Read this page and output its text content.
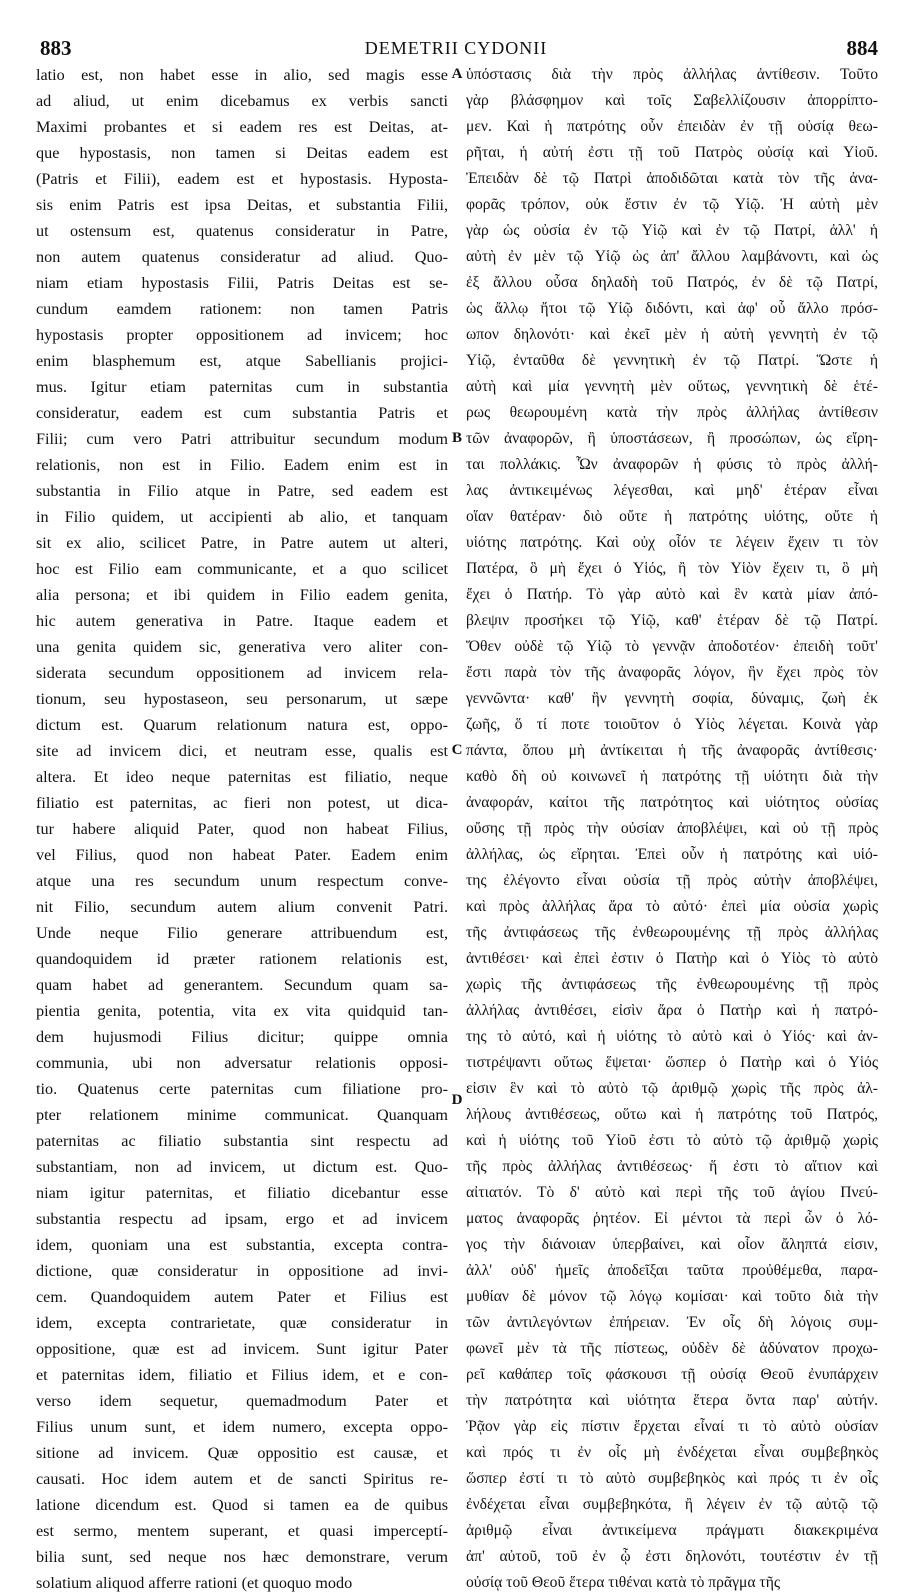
883	DEMETRII CYDONII	884
latio est, non habet esse in alio, sed magis esse
ad aliud, ut enim dicebamus ex verbis sancti
Maximi probantes et si eadem res est Deitas, at-
que hypostasis, non tamen si Deitas eadem est
(Patris et Filii), eadem est et hypostasis. Hyposta-
sis enim Patris est ipsa Deitas, et substantia Filii,
ut ostensum est, quatenus consideratur in Patre,
non autem quatenus consideratur ad aliud. Quo-
niam etiam hypostasis Filii, Patris Deitas est se-
cundum eamdem rationem: non tamen Patris
hypostasis propter oppositionem ad invicem; hoc
enim blasphemum est, atque Sabellianis projici-
mus. Igitur etiam paternitas cum in substantia
consideratur, eadem est cum substantia Patris et
Filii; cum vero Patri attribuitur secundum modum
relationis, non est in Filio. Eadem enim est in
substantia in Filio atque in Patre, sed eadem est
in Filio quidem, ut accipienti ab alio, et tanquam
sit ex alio, scilicet Patre, in Patre autem ut alteri,
hoc est Filio eam communicante, et a quo scilicet
alia persona; et ibi quidem in Filio eadem genita,
hic autem generativa in Patre. Itaque eadem et
una genita quidem sic, generativa vero aliter con-
siderata secundum oppositionem ad invicem rela-
tionum, seu hypostaseon, seu personarum, ut sæpe
dictum est. Quarum relationum natura est, oppo-
site ad invicem dici, et neutram esse, qualis est
altera. Et ideo neque paternitas est filiatio, neque
filiatio est paternitas, ac fieri non potest, ut dica-
tur habere aliquid Pater, quod non habeat Filius,
vel Filius, quod non habeat Pater. Eadem enim
atque una res secundum unum respectum conve-
nit Filio, secundum autem alium convenit Patri.
Unde neque Filio generare attribuendum est,
quandoquidem id præter rationem relationis est,
quam habet ad generantem. Secundum quam sa-
pientia genita, potentia, vita ex vita quidquid tan-
dem hujusmodi Filius dicitur; quippe omnia
communia, ubi non adversatur relationis opposi-
tio. Quatenus certe paternitas cum filiatione pro-
pter relationem minime communicat. Quanquam
paternitas ac filiatio substantia sint respectu ad
substantiam, non ad invicem, ut dictum est. Quo-
niam igitur paternitas, et filiatio dicebantur esse
substantia respectu ad ipsam, ergo et ad invicem
idem, quoniam una est substantia, excepta contra-
dictione, quæ consideratur in oppositione ad invi-
cem. Quandoquidem autem Pater et Filius est
idem, excepta contrarietate, quæ consideratur in
oppositione, quæ est ad invicem. Sunt igitur Pater
et paternitas idem, filiatio et Filius idem, et e con-
verso idem sequetur, quemadmodum Pater et
Filius unum sunt, et idem numero, excepta oppo-
sitione ad invicem. Quæ oppositio est causæ, et
causati. Hoc idem autem et de sancti Spiritus re-
latione dicendum est. Quod si tamen ea de quibus
est sermo, mentem superant, et quasi imperceptí-
bilia sunt, sed neque nos hæc demonstrare, verum
solatium aliquod afferre rationi (et quoquo modo
ὑπόστασις διὰ τὴν πρὸς ἀλλήλας ἀντίθεσιν. Τοῦτο
γὰρ βλάσφημον καὶ τοῖς Σαβελλίζουσιν ἀπορρίπτο-
μεν. Καὶ ἡ πατρότης οὖν ἐπειδὰν ἐν τῇ οὐσίᾳ θεω-
ρῆται, ἡ αὐτή ἐστι τῇ τοῦ Πατρὸς οὐσίᾳ καὶ Υἱοῦ.
Ἐπειδὰν δὲ τῷ Πατρὶ ἀποδιδῶται κατὰ τὸν τῆς ἀνα-
φορᾶς τρόπον, οὐκ ἔστιν ἐν τῷ Υἱῷ. Ἡ αὐτὴ μὲν
γὰρ ὡς οὐσία ἐν τῷ Υἱῷ καὶ ἐν τῷ Πατρί, ἀλλ' ἡ
αὐτὴ ἐν μὲν τῷ Υἱῷ ὡς ἀπ' ἄλλου λαμβάνοντι, καὶ ὡς
ἐξ ἄλλου οὖσα δηλαδὴ τοῦ Πατρός, ἐν δὲ τῷ Πατρί,
ὡς ἄλλῳ ἤτοι τῷ Υἱῷ διδόντι, καὶ ἀφ' οὗ ἄλλο πρόσ-
ωπον δηλονότι· καὶ ἐκεῖ μὲν ἡ αὐτὴ γεννητὴ ἐν τῷ
Υἱῷ, ἐνταῦθα δὲ γεννητικὴ ἐν τῷ Πατρί. Ὥστε ἡ
αὐτὴ καὶ μία γεννητὴ μὲν οὕτως, γεννητικὴ δὲ ἑτέ-
ρως θεωρουμένη κατὰ τὴν πρὸς ἀλλήλας ἀντίθεσιν
τῶν ἀναφορῶν, ἢ ὑποστάσεων, ἢ προσώπων, ὡς εἴρη-
ται πολλάκις. Ὧν ἀναφορῶν ἡ φύσις τὸ πρὸς ἀλλή-
λας ἀντικειμένως λέγεσθαι, καὶ μηδ' ἑτέραν εἶναι
οἵαν θατέραν· διὸ οὔτε ἡ πατρότης υἱότης, οὔτε ἡ
υἱότης πατρότης. Καὶ οὐχ οἷόν τε λέγειν ἔχειν τι τὸν
Πατέρα, ὃ μὴ ἔχει ὁ Υἱός, ἢ τὸν Υἱὸν ἔχειν τι, ὃ μὴ
ἔχει ὁ Πατήρ. Τὸ γὰρ αὐτὸ καὶ ἓν κατὰ μίαν ἀπό-
βλεψιν προσήκει τῷ Υἱῷ, καθ' ἑτέραν δὲ τῷ Πατρί.
Ὅθεν οὐδὲ τῷ Υἱῷ τὸ γεννᾷν ἀποδοτέον· ἐπειδὴ τοῦτ'
ἔστι παρὰ τὸν τῆς ἀναφορᾶς λόγον, ἣν ἔχει πρὸς τὸν
γεννῶντα· καθ' ἣν γεννητὴ σοφία, δύναμις, ζωὴ ἐκ
ζωῆς, ὅ τί ποτε τοιοῦτον ὁ Υἱὸς λέγεται. Κοινὰ γὰρ
πάντα, ὅπου μὴ ἀντίκειται ἡ τῆς ἀναφορᾶς ἀντίθεσις·
καθὸ δὴ οὐ κοινωνεῖ ἡ πατρότης τῇ υἱότητι διὰ τὴν
ἀναφοράν, καίτοι τῆς πατρότητος καὶ υἱότητος οὐσίας
οὔσης τῇ πρὸς τὴν οὐσίαν ἀποβλέψει, καὶ οὐ τῇ πρὸς
ἀλλήλας, ὡς εἴρηται. Ἐπεὶ οὖν ἡ πατρότης καὶ υἱό-
της ἐλέγοντο εἶναι οὐσία τῇ πρὸς αὐτὴν ἀποβλέψει,
καὶ πρὸς ἀλλήλας ἄρα τὸ αὐτό· ἐπεὶ μία οὐσία χωρὶς
τῆς ἀντιφάσεως τῆς ἐνθεωρουμένης τῇ πρὸς ἀλλήλας
ἀντιθέσει· καὶ ἐπεὶ ἐστιν ὁ Πατὴρ καὶ ὁ Υἱὸς τὸ αὐτὸ
χωρὶς τῆς ἀντιφάσεως τῆς ἐνθεωρουμένης τῇ πρὸς
ἀλλήλας ἀντιθέσει, εἰσὶν ἄρα ὁ Πατὴρ καὶ ἡ πατρό-
της τὸ αὐτό, καὶ ἡ υἱότης τὸ αὐτὸ καὶ ὁ Υἱός· καὶ ἀν-
τιστρέψαντι οὕτως ἕψεται· ὥσπερ ὁ Πατὴρ καὶ ὁ Υἱός
εἰσιν ἓν καὶ τὸ αὐτὸ τῷ ἀριθμῷ χωρὶς τῆς πρὸς ἀλ-
λήλους ἀντιθέσεως, οὕτω καὶ ἡ πατρότης τοῦ Πατρός,
καὶ ἡ υἱότης τοῦ Υἱοῦ ἐστι τὸ αὐτὸ τῷ ἀριθμῷ χωρὶς
τῆς πρὸς ἀλλήλας ἀντιθέσεως· ἥ ἐστι τὸ αἴτιον καὶ
αἰτιατόν. Τὸ δ' αὐτὸ καὶ περὶ τῆς τοῦ ἁγίου Πνεύ-
ματος ἀναφορᾶς ῥητέον. Εἰ μέντοι τὰ περὶ ὧν ὁ λό-
γος τὴν διάνοιαν ὑπερβαίνει, καὶ οἷον ἄληπτά εἰσιν,
ἀλλ' οὐδ' ἡμεῖς ἀποδεῖξαι ταῦτα προὐθέμεθα, παρα-
μυθίαν δὲ μόνον τῷ λόγῳ κομίσαι· καὶ τοῦτο διὰ τὴν
τῶν ἀντιλεγόντων ἐπήρειαν. Ἐν οἷς δὴ λόγοις συμ-
φωνεῖ μὲν τὰ τῆς πίστεως, οὐδὲν δὲ ἀδύνατον προχω-
ρεῖ καθάπερ τοῖς φάσκουσι τῇ οὐσίᾳ Θεοῦ ἐνυπάρχειν
τὴν πατρότητα καὶ υἱότητα ἕτερα ὄντα παρ' αὐτήν.
Ῥᾷον γὰρ εἰς πίστιν ἔρχεται εἶναί τι τὸ αὐτὸ οὐσίαν
καὶ πρός τι ἐν οἷς μὴ ἐνδέχεται εἶναι συμβεβηκὸς
ὥσπερ ἐστί τι τὸ αὐτὸ συμβεβηκὸς καὶ πρός τι ἐν οἷς
ἐνδέχεται εἶναι συμβεβηκότα, ἢ λέγειν ἐν τῷ αὐτῷ τῷ
ἀριθμῷ εἶναι ἀντικείμενα πράγματι διακεκριμένα
ἀπ' αὐτοῦ, τοῦ ἐν ᾧ ἐστι δηλονότι, τουτέστιν ἐν τῇ
οὐσίᾳ τοῦ Θεοῦ ἕτερα τιθέναι κατὰ τὸ πρᾶγμα τῆς
A
B
C
D
